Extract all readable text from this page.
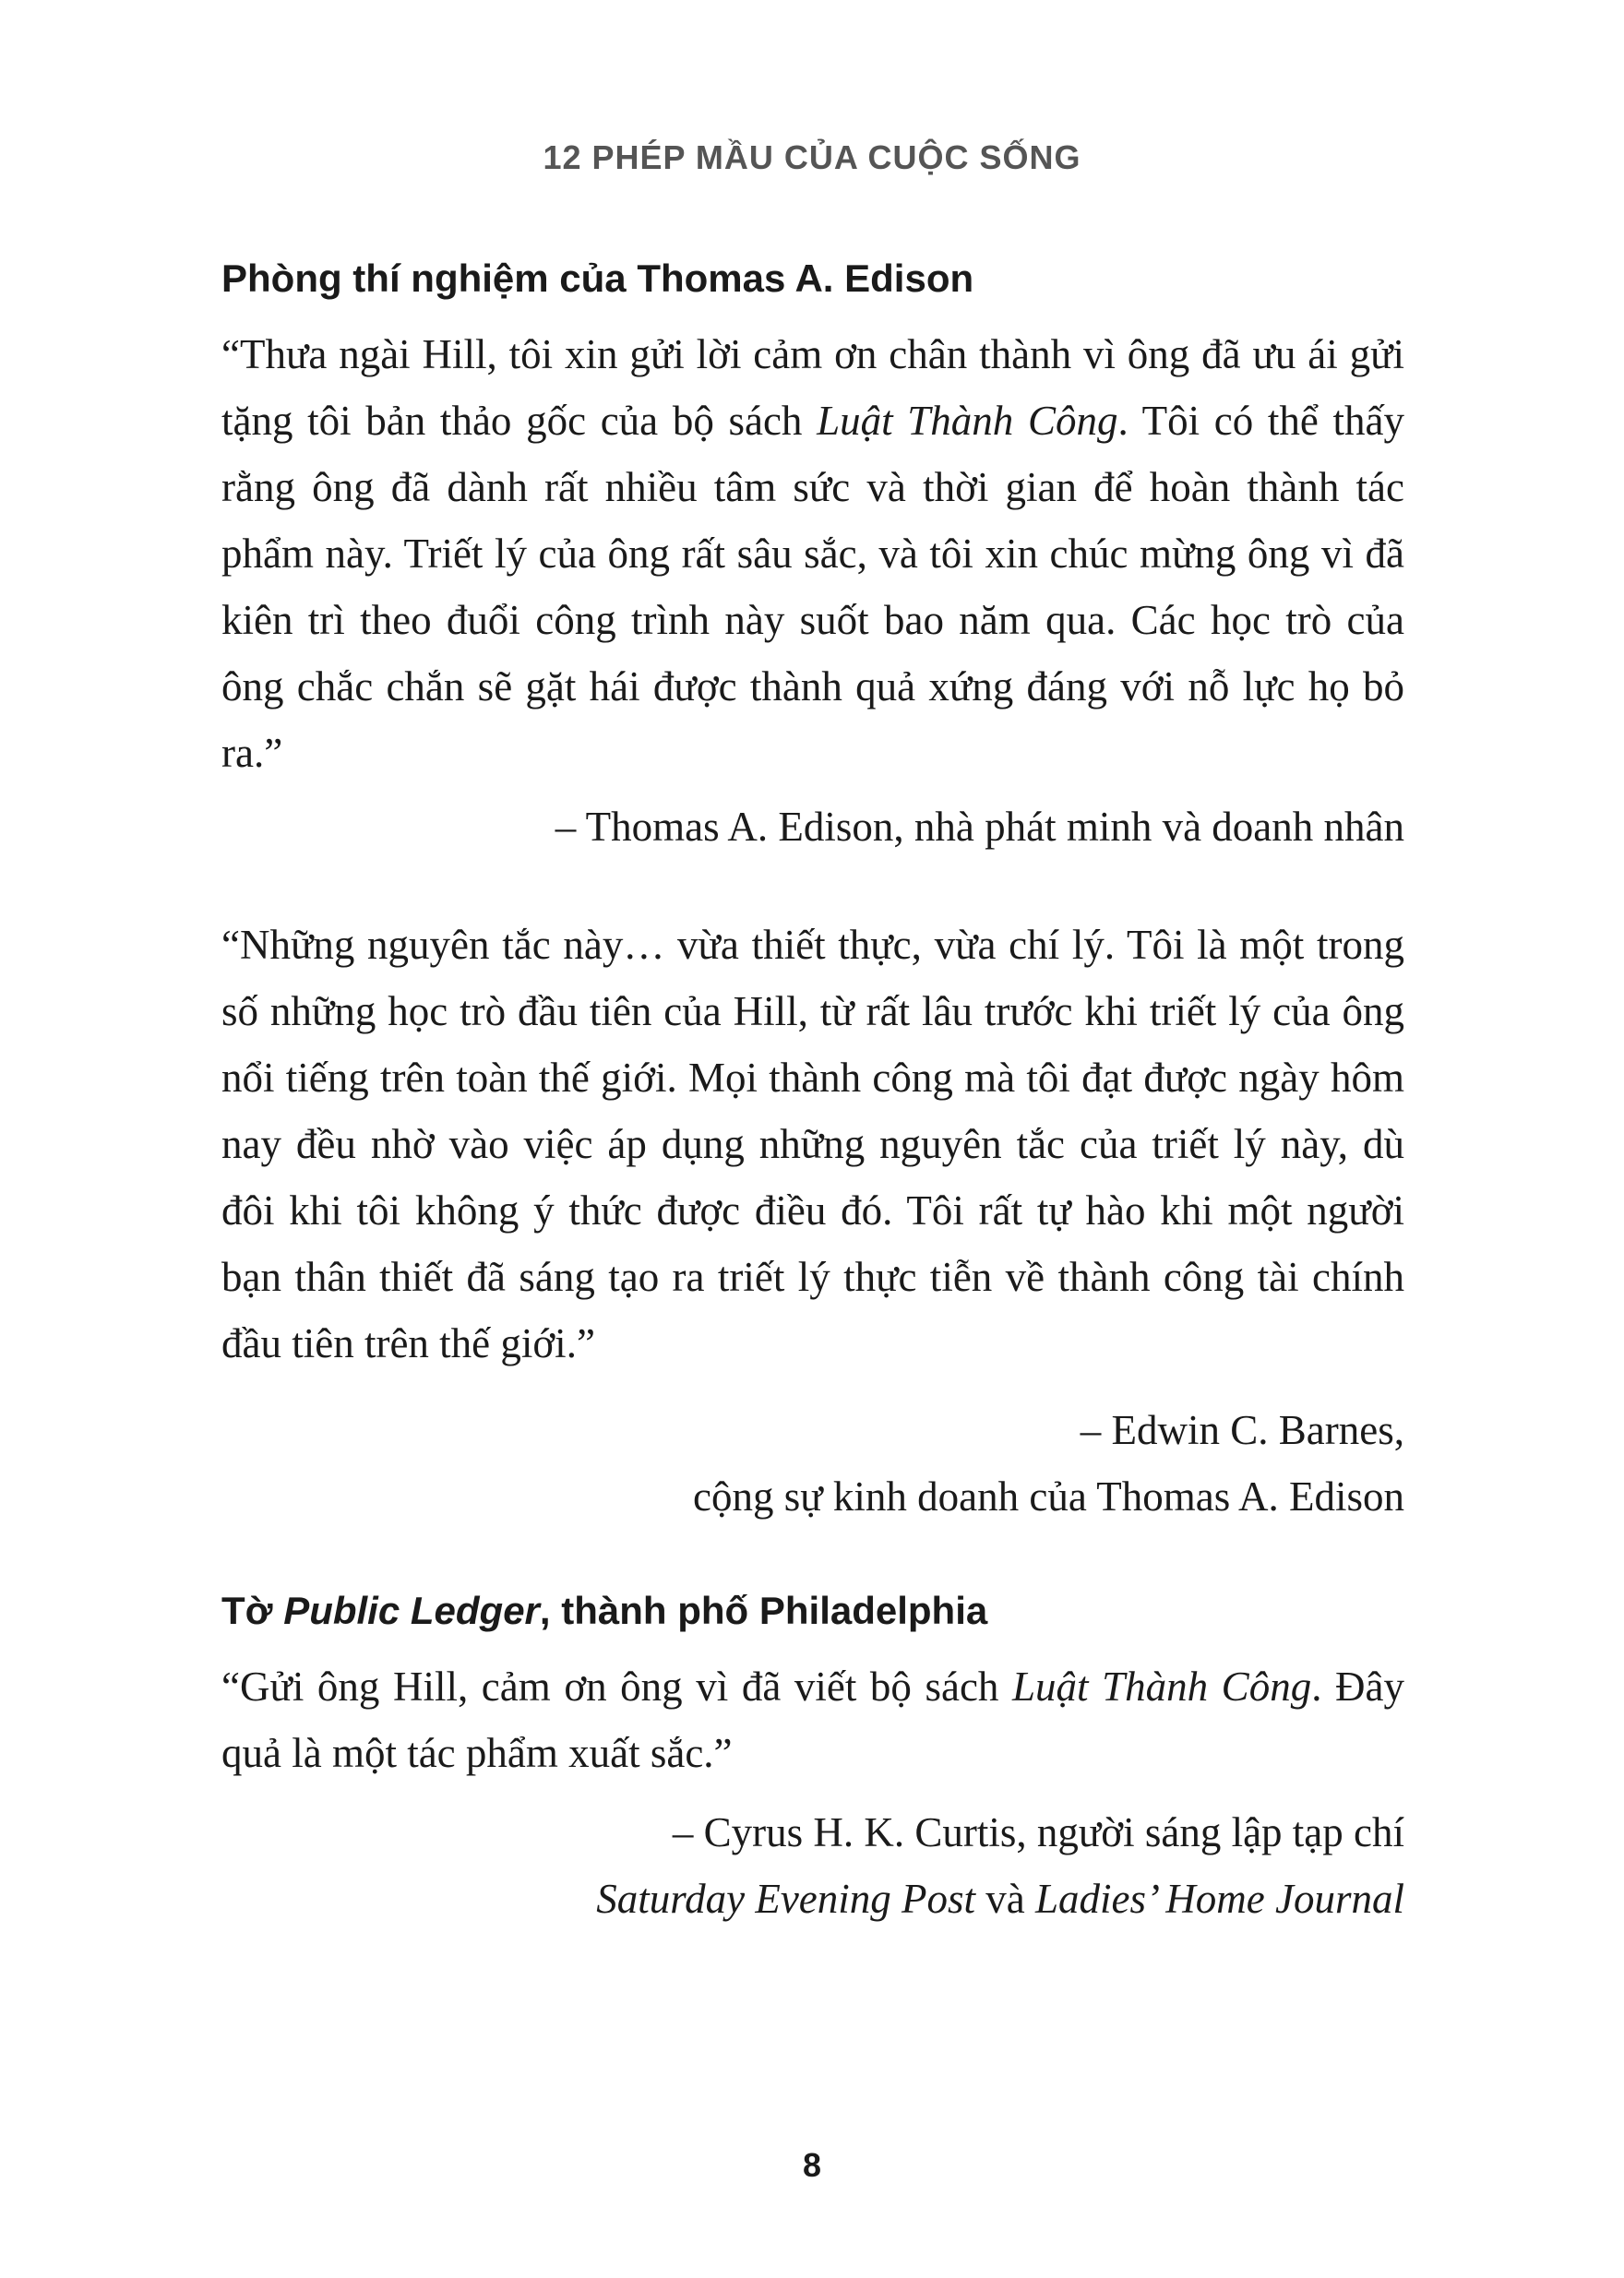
12 PHÉP MẦU CỦA CUỘC SỐNG
Phòng thí nghiệm của Thomas A. Edison

“Thưa ngài Hill, tôi xin gửi lời cảm ơn chân thành vì ông đã ưu ái gửi tặng tôi bản thảo gốc của bộ sách Luật Thành Công. Tôi có thể thấy rằng ông đã dành rất nhiều tâm sức và thời gian để hoàn thành tác phẩm này. Triết lý của ông rất sâu sắc, và tôi xin chúc mừng ông vì đã kiên trì theo đuổi công trình này suốt bao năm qua. Các học trò của ông chắc chắn sẽ gặt hái được thành quả xứng đáng với nỗ lực họ bỏ ra.”

– Thomas A. Edison, nhà phát minh và doanh nhân

“Những nguyên tắc này… vừa thiết thực, vừa chí lý. Tôi là một trong số những học trò đầu tiên của Hill, từ rất lâu trước khi triết lý của ông nổi tiếng trên toàn thế giới. Mọi thành công mà tôi đạt được ngày hôm nay đều nhờ vào việc áp dụng những nguyên tắc của triết lý này, dù đôi khi tôi không ý thức được điều đó. Tôi rất tự hào khi một người bạn thân thiết đã sáng tạo ra triết lý thực tiễn về thành công tài chính đầu tiên trên thế giới.”

– Edwin C. Barnes,

cộng sự kinh doanh của Thomas A. Edison

Tờ Public Ledger, thành phố Philadelphia

“Gửi ông Hill, cảm ơn ông vì đã viết bộ sách Luật Thành Công. Đây quả là một tác phẩm xuất sắc.”

– Cyrus H. K. Curtis, người sáng lập tạp chí

Saturday Evening Post và Ladies’ Home Journal

8
